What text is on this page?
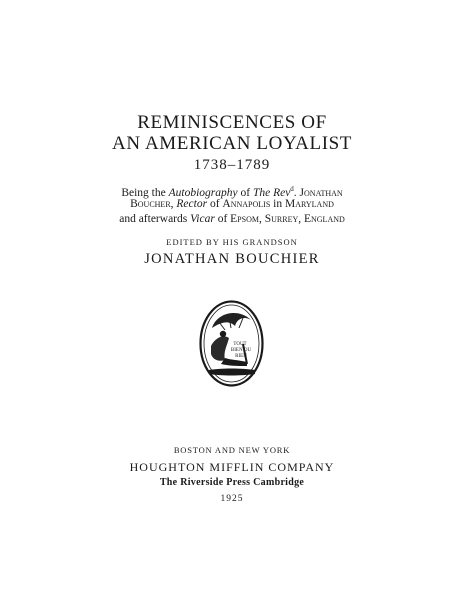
REMINISCENCES OF
AN AMERICAN LOYALIST
1738–1789
Being the Autobiography of The Rev$^d$. Jonathan
Boucher, Rector of Annapolis in Maryland
and afterwards Vicar of Epsom, Surrey, England
EDITED BY HIS GRANDSON
JONATHAN BOUCHIER
TOUT
BIEN OU
RIEN
BOSTON AND NEW YORK
HOUGHTON MIFFLIN COMPANY
The Riverside Press Cambridge
1925
